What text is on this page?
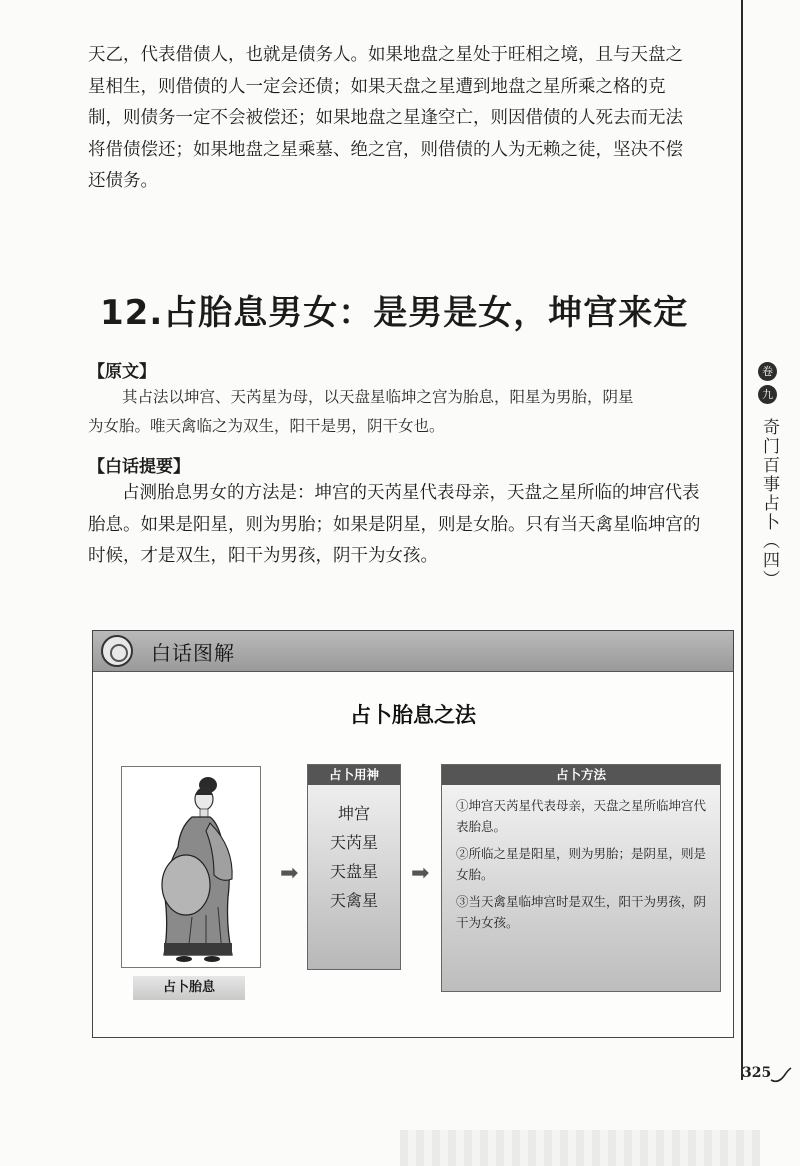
卷
九
奇门百事占卜（四）

天乙，代表借债人，也就是债务人。如果地盘之星处于旺相之境，且与天盘之
星相生，则借债的人一定会还债；如果天盘之星遭到地盘之星所乘之格的克
制，则债务一定不会被偿还；如果地盘之星逢空亡，则因借债的人死去而无法
将借债偿还；如果地盘之星乘墓、绝之宫，则借债的人为无赖之徒，坚决不偿
还债务。

12.占胎息男女：是男是女，坤宫来定

【原文】

其占法以坤宫、天芮星为母，以天盘星临坤之宫为胎息，阳星为男胎，阴星
为女胎。唯天禽临之为双生，阳干是男，阴干女也。

【白话提要】

占测胎息男女的方法是：坤宫的天芮星代表母亲，天盘之星所临的坤宫代表
胎息。如果是阳星，则为男胎；如果是阴星，则是女胎。只有当天禽星临坤宫的
时候，才是双生，阳干为男孩，阴干为女孩。

白话图解
占卜胎息之法
占卜胎息
➡
占卜用神
坤宫
天芮星
天盘星
天禽星
➡
占卜方法
①坤宫天芮星代表母亲，天盘之星所临坤宫代表胎息。
②所临之星是阳星，则为男胎；是阴星，则是女胎。
③当天禽星临坤宫时是双生，阳干为男孩，阴干为女孩。
325
